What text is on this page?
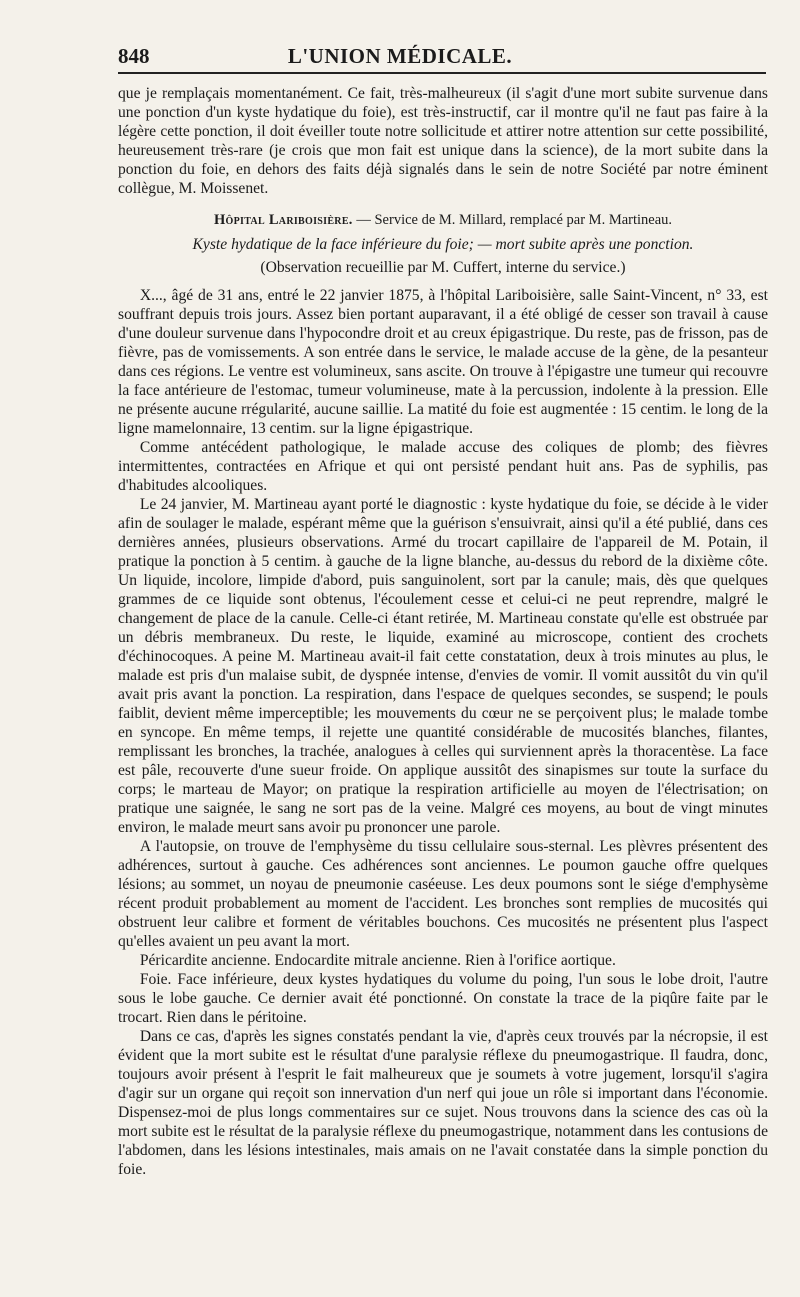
848	L'UNION MÉDICALE.

que je remplaçais momentanément. Ce fait, très-malheureux (il s'agit d'une mort subite survenue dans une ponction d'un kyste hydatique du foie), est très-instructif, car il montre qu'il ne faut pas faire à la légère cette ponction, il doit éveiller toute notre sollicitude et attirer notre attention sur cette possibilité, heureusement très-rare (je crois que mon fait est unique dans la science), de la mort subite dans la ponction du foie, en dehors des faits déjà signalés dans le sein de notre Société par notre éminent collègue, M. Moissenet.

Hôpital Lariboisière. — Service de M. Millard, remplacé par M. Martineau.
Kyste hydatique de la face inférieure du foie; — mort subite après une ponction.
(Observation recueillie par M. Cuffert, interne du service.)

X..., âgé de 31 ans, entré le 22 janvier 1875, à l'hôpital Lariboisière, salle Saint-Vincent, n° 33, est souffrant depuis trois jours. Assez bien portant auparavant, il a été obligé de cesser son travail à cause d'une douleur survenue dans l'hypocondre droit et au creux épigastrique. Du reste, pas de frisson, pas de fièvre, pas de vomissements. A son entrée dans le service, le malade accuse de la gène, de la pesanteur dans ces régions. Le ventre est volumineux, sans ascite. On trouve à l'épigastre une tumeur qui recouvre la face antérieure de l'estomac, tumeur volumineuse, mate à la percussion, indolente à la pression. Elle ne présente aucune rrégularité, aucune saillie. La matité du foie est augmentée : 15 centim. le long de la ligne mamelonnaire, 13 centim. sur la ligne épigastrique.

Comme antécédent pathologique, le malade accuse des coliques de plomb; des fièvres intermittentes, contractées en Afrique et qui ont persisté pendant huit ans. Pas de syphilis, pas d'habitudes alcooliques.

Le 24 janvier, M. Martineau ayant porté le diagnostic : kyste hydatique du foie, se décide à le vider afin de soulager le malade, espérant même que la guérison s'ensuivrait, ainsi qu'il a été publié, dans ces dernières années, plusieurs observations. Armé du trocart capillaire de l'appareil de M. Potain, il pratique la ponction à 5 centim. à gauche de la ligne blanche, au-dessus du rebord de la dixième côte. Un liquide, incolore, limpide d'abord, puis sanguinolent, sort par la canule; mais, dès que quelques grammes de ce liquide sont obtenus, l'écoulement cesse et celui-ci ne peut reprendre, malgré le changement de place de la canule. Celle-ci étant retirée, M. Martineau constate qu'elle est obstruée par un débris membraneux. Du reste, le liquide, examiné au microscope, contient des crochets d'échinocoques. A peine M. Martineau avait-il fait cette constatation, deux à trois minutes au plus, le malade est pris d'un malaise subit, de dyspnée intense, d'envies de vomir. Il vomit aussitôt du vin qu'il avait pris avant la ponction. La respiration, dans l'espace de quelques secondes, se suspend; le pouls faiblit, devient même imperceptible; les mouvements du cœur ne se perçoivent plus; le malade tombe en syncope. En même temps, il rejette une quantité considérable de mucosités blanches, filantes, remplissant les bronches, la trachée, analogues à celles qui surviennent après la thoracentèse. La face est pâle, recouverte d'une sueur froide. On applique aussitôt des sinapismes sur toute la surface du corps; le marteau de Mayor; on pratique la respiration artificielle au moyen de l'électrisation; on pratique une saignée, le sang ne sort pas de la veine. Malgré ces moyens, au bout de vingt minutes environ, le malade meurt sans avoir pu prononcer une parole.

A l'autopsie, on trouve de l'emphysème du tissu cellulaire sous-sternal. Les plèvres présentent des adhérences, surtout à gauche. Ces adhérences sont anciennes. Le poumon gauche offre quelques lésions; au sommet, un noyau de pneumonie caséeuse. Les deux poumons sont le siége d'emphysème récent produit probablement au moment de l'accident. Les bronches sont remplies de mucosités qui obstruent leur calibre et forment de véritables bouchons. Ces mucosités ne présentent plus l'aspect qu'elles avaient un peu avant la mort.

Péricardite ancienne. Endocardite mitrale ancienne. Rien à l'orifice aortique.

Foie. Face inférieure, deux kystes hydatiques du volume du poing, l'un sous le lobe droit, l'autre sous le lobe gauche. Ce dernier avait été ponctionné. On constate la trace de la piqûre faite par le trocart. Rien dans le péritoine.

Dans ce cas, d'après les signes constatés pendant la vie, d'après ceux trouvés par la nécropsie, il est évident que la mort subite est le résultat d'une paralysie réflexe du pneumogastrique. Il faudra, donc, toujours avoir présent à l'esprit le fait malheureux que je soumets à votre jugement, lorsqu'il s'agira d'agir sur un organe qui reçoit son innervation d'un nerf qui joue un rôle si important dans l'économie. Dispensez-moi de plus longs commentaires sur ce sujet. Nous trouvons dans la science des cas où la mort subite est le résultat de la paralysie réflexe du pneumogastrique, notamment dans les contusions de l'abdomen, dans les lésions intestinales, mais amais on ne l'avait constatée dans la simple ponction du foie.
